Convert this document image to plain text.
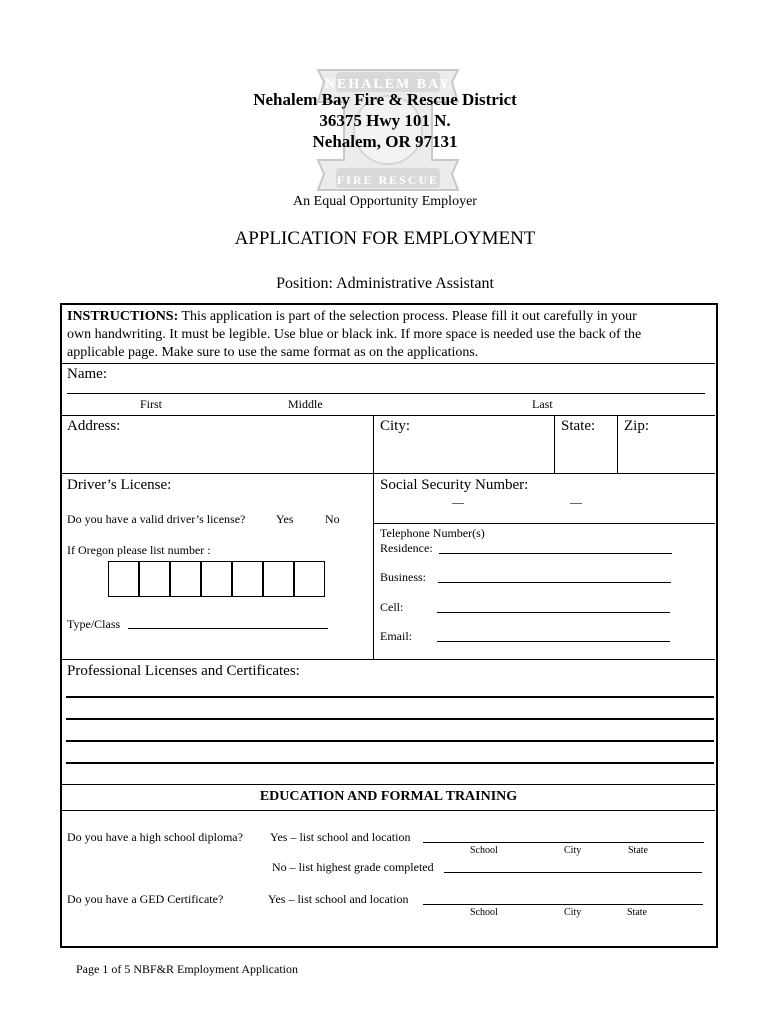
NEHALEM BAY
FIRE RESCUE
Nehalem Bay Fire & Rescue District
36375 Hwy 101 N.
Nehalem, OR 97131
An Equal Opportunity Employer
APPLICATION FOR EMPLOYMENT
Position: Administrative Assistant
INSTRUCTIONS: This application is part of the selection process. Please fill it out carefully in your
own handwriting. It must be legible. Use blue or black ink. If more space is needed use the back of the
applicable page. Make sure to use the same format as on the applications.
Name:
First	Middle	Last
Address:	City:	State: Zip:
Driver’s License:
Do you have a valid driver’s license?	Yes	No
If Oregon please list number :
Type/Class
Social Security Number:
—	—
Telephone Number(s)
Residence:
Business:
Cell:
Email:
Professional Licenses and Certificates:
EDUCATION AND FORMAL TRAINING
Do you have a high school diploma? Yes – list school and location
School	City	State
No – list highest grade completed
Do you have a GED Certificate?	Yes – list school and location
School	City	State
Page 1 of 5 NBF&R Employment Application
